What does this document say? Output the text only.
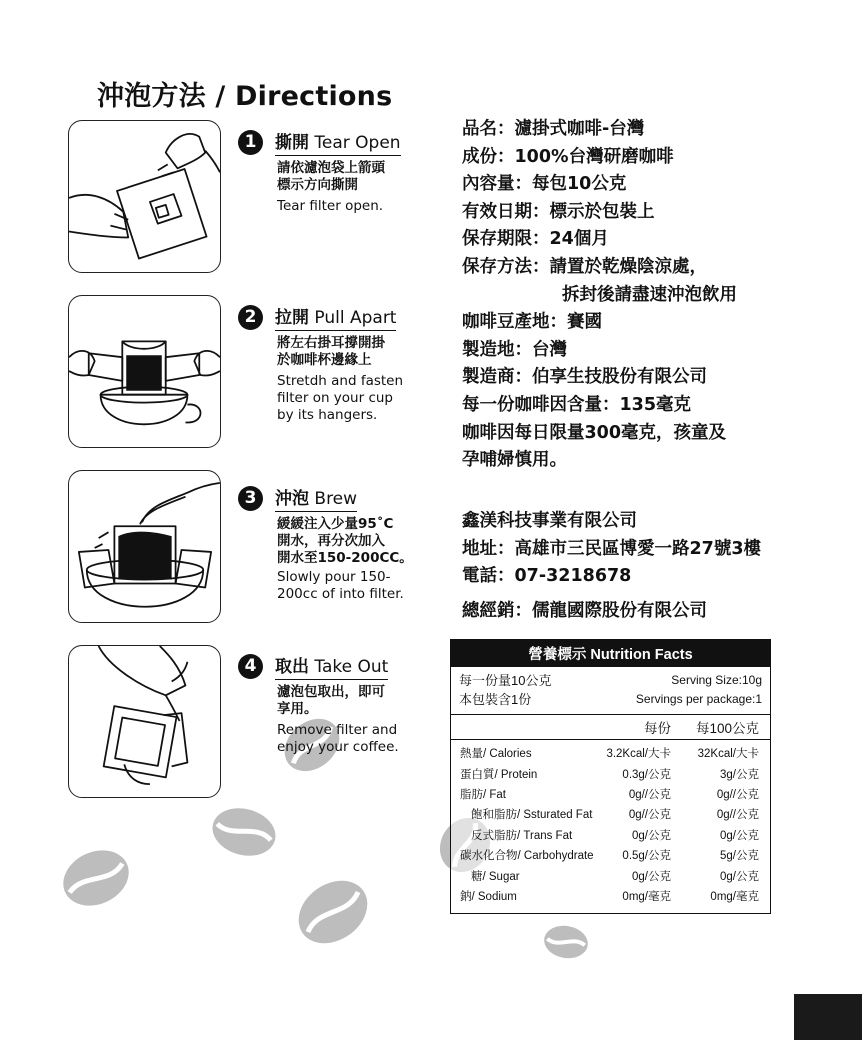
沖泡方法 / Directions
1	撕開 Tear Open
請依濾泡袋上箭頭
標示方向撕開
Tear filter open.
2	拉開 Pull Apart
將左右掛耳撐開掛
於咖啡杯邊緣上
Stretdh and fasten
filter on your cup
by its hangers.
3	沖泡 Brew
緩緩注入少量95˚C
開水，再分次加入
開水至150-200CC。
Slowly pour 150-
200cc of into filter.
4	取出 Take Out
濾泡包取出，即可
享用。
Remove filter and
enjoy your coffee.
品名：濾掛式咖啡-台灣
成份：100%台灣研磨咖啡
內容量：每包10公克
有效日期：標示於包裝上
保存期限：24個月
保存方法：請置於乾燥陰涼處，
拆封後請盡速沖泡飲用
咖啡豆產地：賽國
製造地：台灣
製造商：伯享生技股份有限公司
每一份咖啡因含量：135毫克
咖啡因每日限量300毫克，孩童及
孕哺婦慎用。
鑫渼科技事業有限公司
地址：高雄市三民區博愛一路27號3樓
電話：07-3218678
總經銷：儒龍國際股份有限公司
營養標示 Nutrition Facts
每一份量10公克	Serving Size:10g
本包裝含1份	Servings per package:1
每份	每100公克
熱量/ Calories	3.2Kcal/大卡	32Kcal/大卡
蛋白質/ Protein	0.3g/公克	3g/公克
脂肪/ Fat	0g//公克	0g//公克
飽和脂肪/ Ssturated Fat	0g//公克	0g//公克
反式脂肪/ Trans Fat	0g/公克	0g/公克
碳水化合物/ Carbohydrate	0.5g/公克	5g/公克
糖/ Sugar	0g/公克	0g/公克
鈉/ Sodium	0mg/毫克	0mg/毫克
